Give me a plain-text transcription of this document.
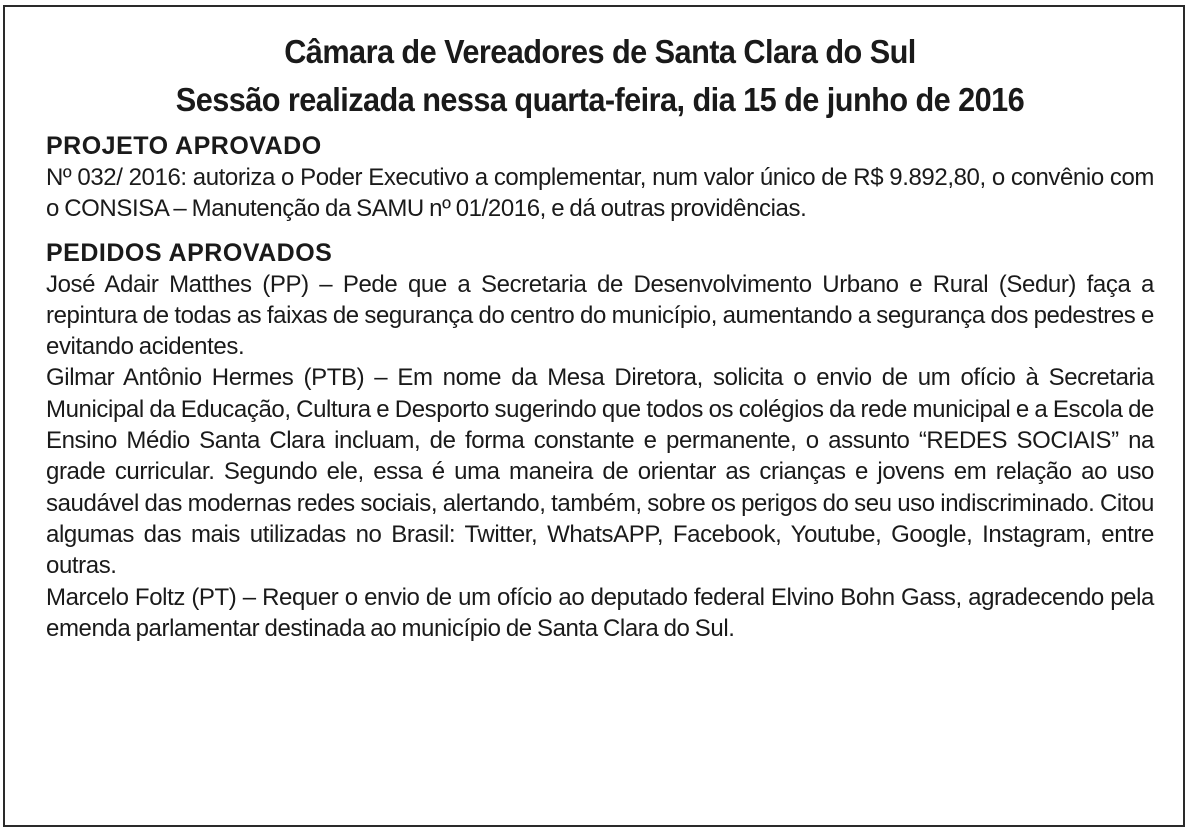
Câmara de Vereadores de Santa Clara do Sul
Sessão realizada nessa quarta-feira, dia 15 de junho de 2016
PROJETO APROVADO

Nº 032/ 2016: autoriza o Poder Executivo a complementar, num valor único de R$ 9.892,80, o convênio com o CONSISA – Manutenção da SAMU nº 01/2016, e dá outras providências.

PEDIDOS APROVADOS

José Adair Matthes (PP) – Pede que a Secretaria de Desenvolvimento Urbano e Rural (Sedur) faça a repintura de todas as faixas de segurança do centro do município, aumentando a segurança dos pedestres e evitando acidentes.

Gilmar Antônio Hermes (PTB) – Em nome da Mesa Diretora, solicita o envio de um ofício à Secretaria Municipal da Educação, Cultura e Desporto sugerindo que todos os colégios da rede municipal e a Escola de Ensino Médio Santa Clara incluam, de forma constante e permanente, o assunto “REDES SOCIAIS” na grade curricular. Segundo ele, essa é uma maneira de orientar as crianças e jovens em relação ao uso saudável das modernas redes sociais, alertando, também, sobre os perigos do seu uso indiscriminado. Citou algumas das mais utilizadas no Brasil: Twitter, WhatsAPP, Facebook, Youtube, Google, Instagram, entre outras.

Marcelo Foltz (PT) – Requer o envio de um ofício ao deputado federal Elvino Bohn Gass, agradecendo pela emenda parlamentar destinada ao município de Santa Clara do Sul.
